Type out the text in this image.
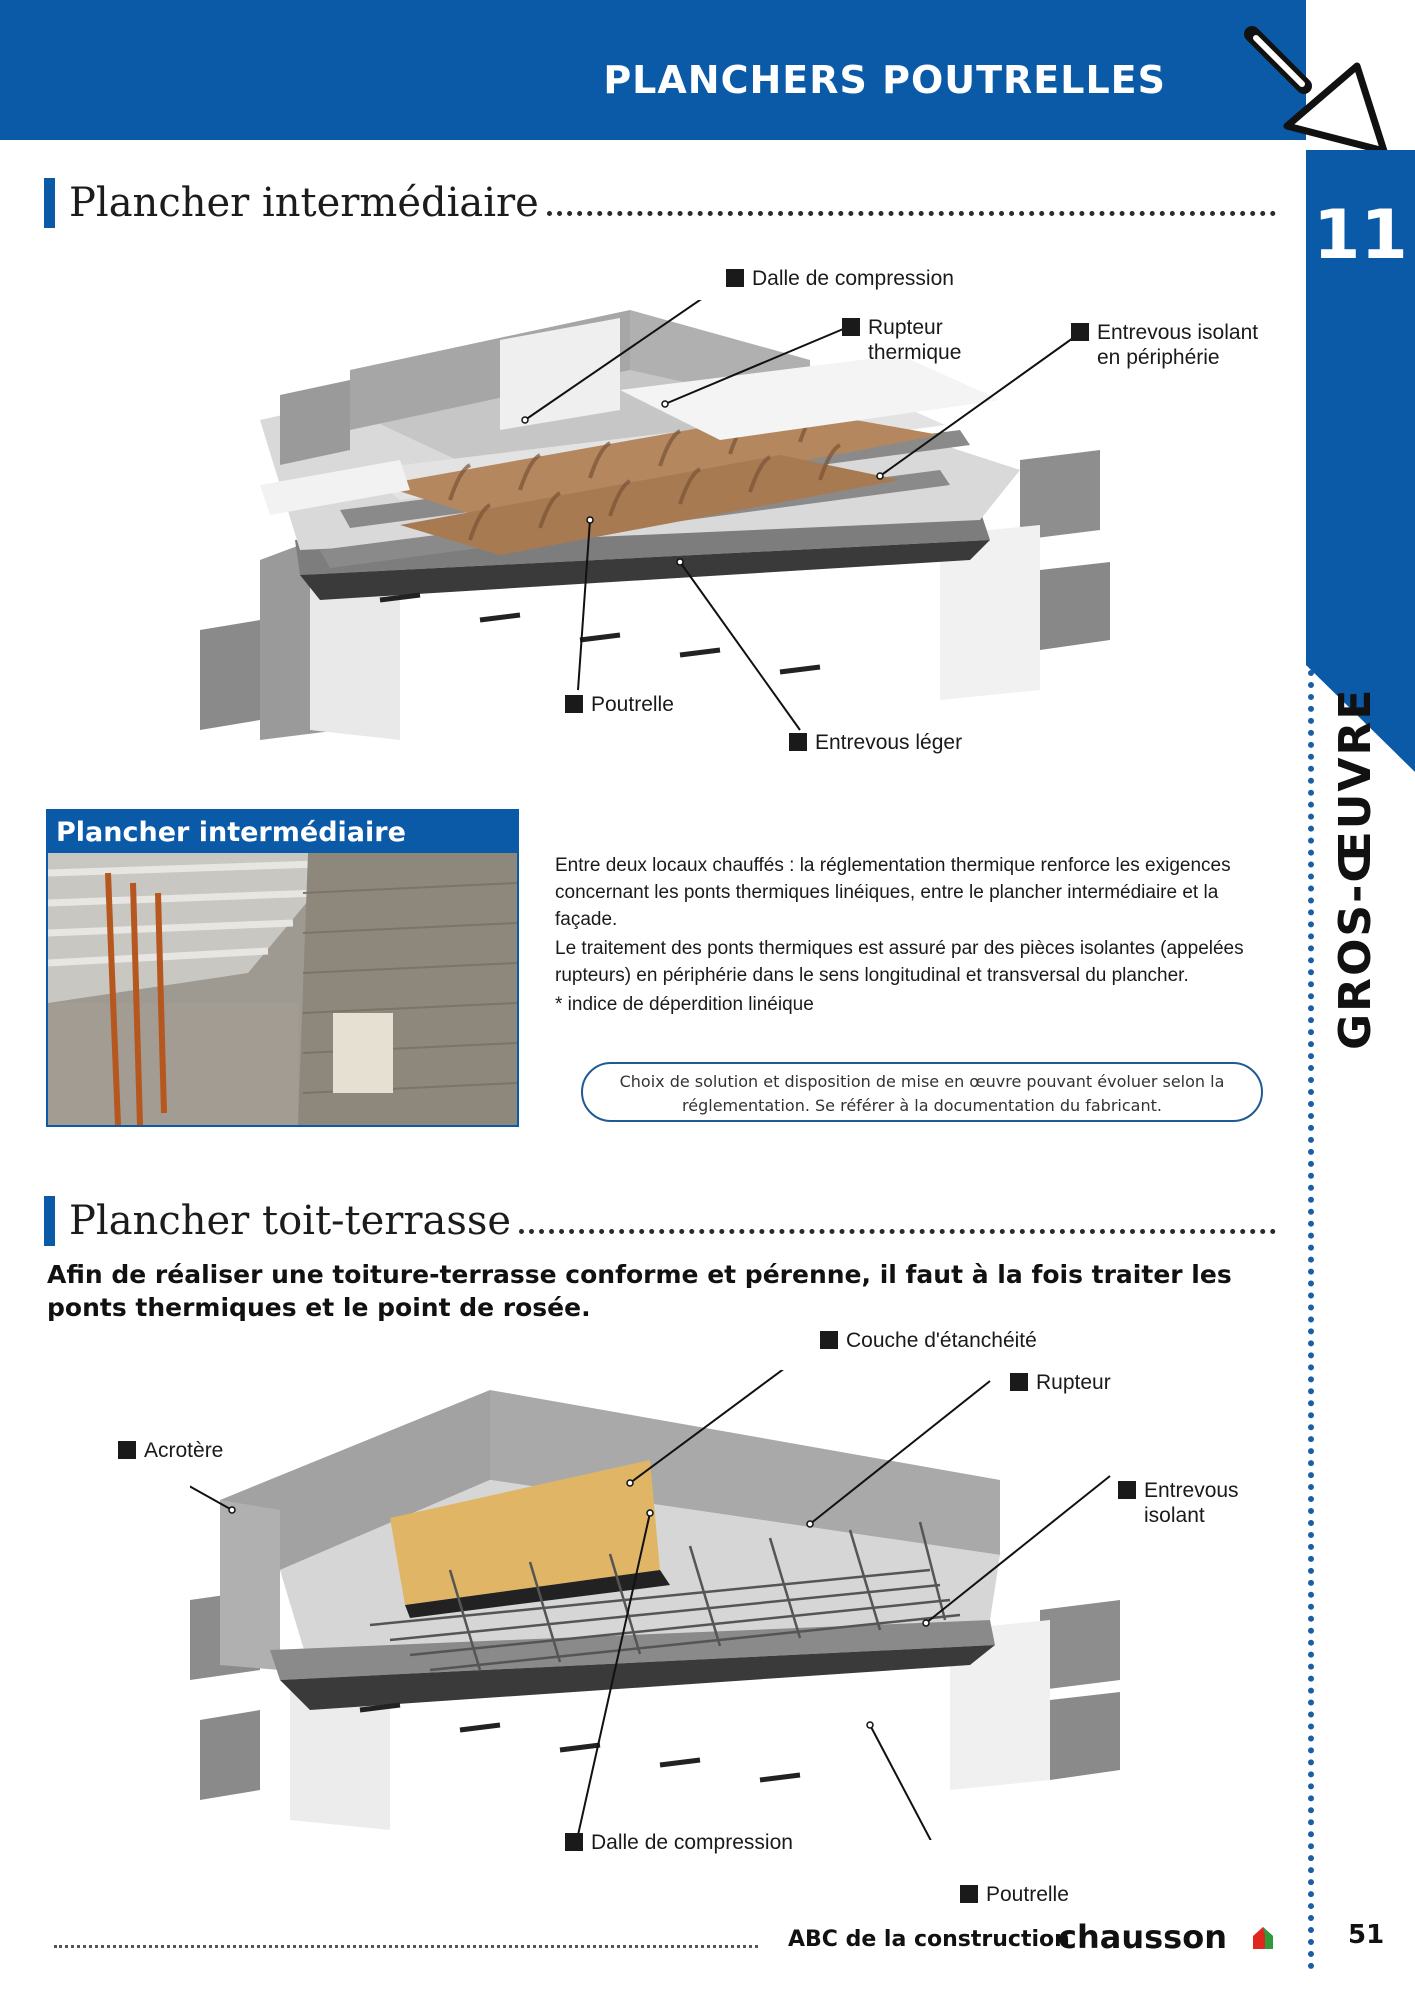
PLANCHERS POUTRELLES
11
GROS-ŒUVRE
Plancher intermédiaire
Dalle de compression
Rupteur
thermique
Entrevous isolant
en périphérie
Poutrelle
Entrevous léger
Plancher intermédiaire

Entre deux locaux chauffés : la réglementation thermique renforce les exigences concernant les ponts thermiques linéiques, entre le plancher intermédiaire et la façade.

Le traitement des ponts thermiques est assuré par des pièces isolantes (appelées rupteurs) en périphérie dans le sens longitudinal et transversal du plancher.

* indice de déperdition linéique

Choix de solution et disposition de mise en œuvre pouvant évoluer selon la réglementation. Se référer à la documentation du fabricant.
Plancher toit-terrasse
Afin de réaliser une toiture-terrasse conforme et pérenne, il faut à la fois traiter les ponts thermiques et le point de rosée.
Couche d'étanchéité
Rupteur
Acrotère
Entrevous
isolant
Dalle de compression
Poutrelle
ABC de la construction
chausson	51
